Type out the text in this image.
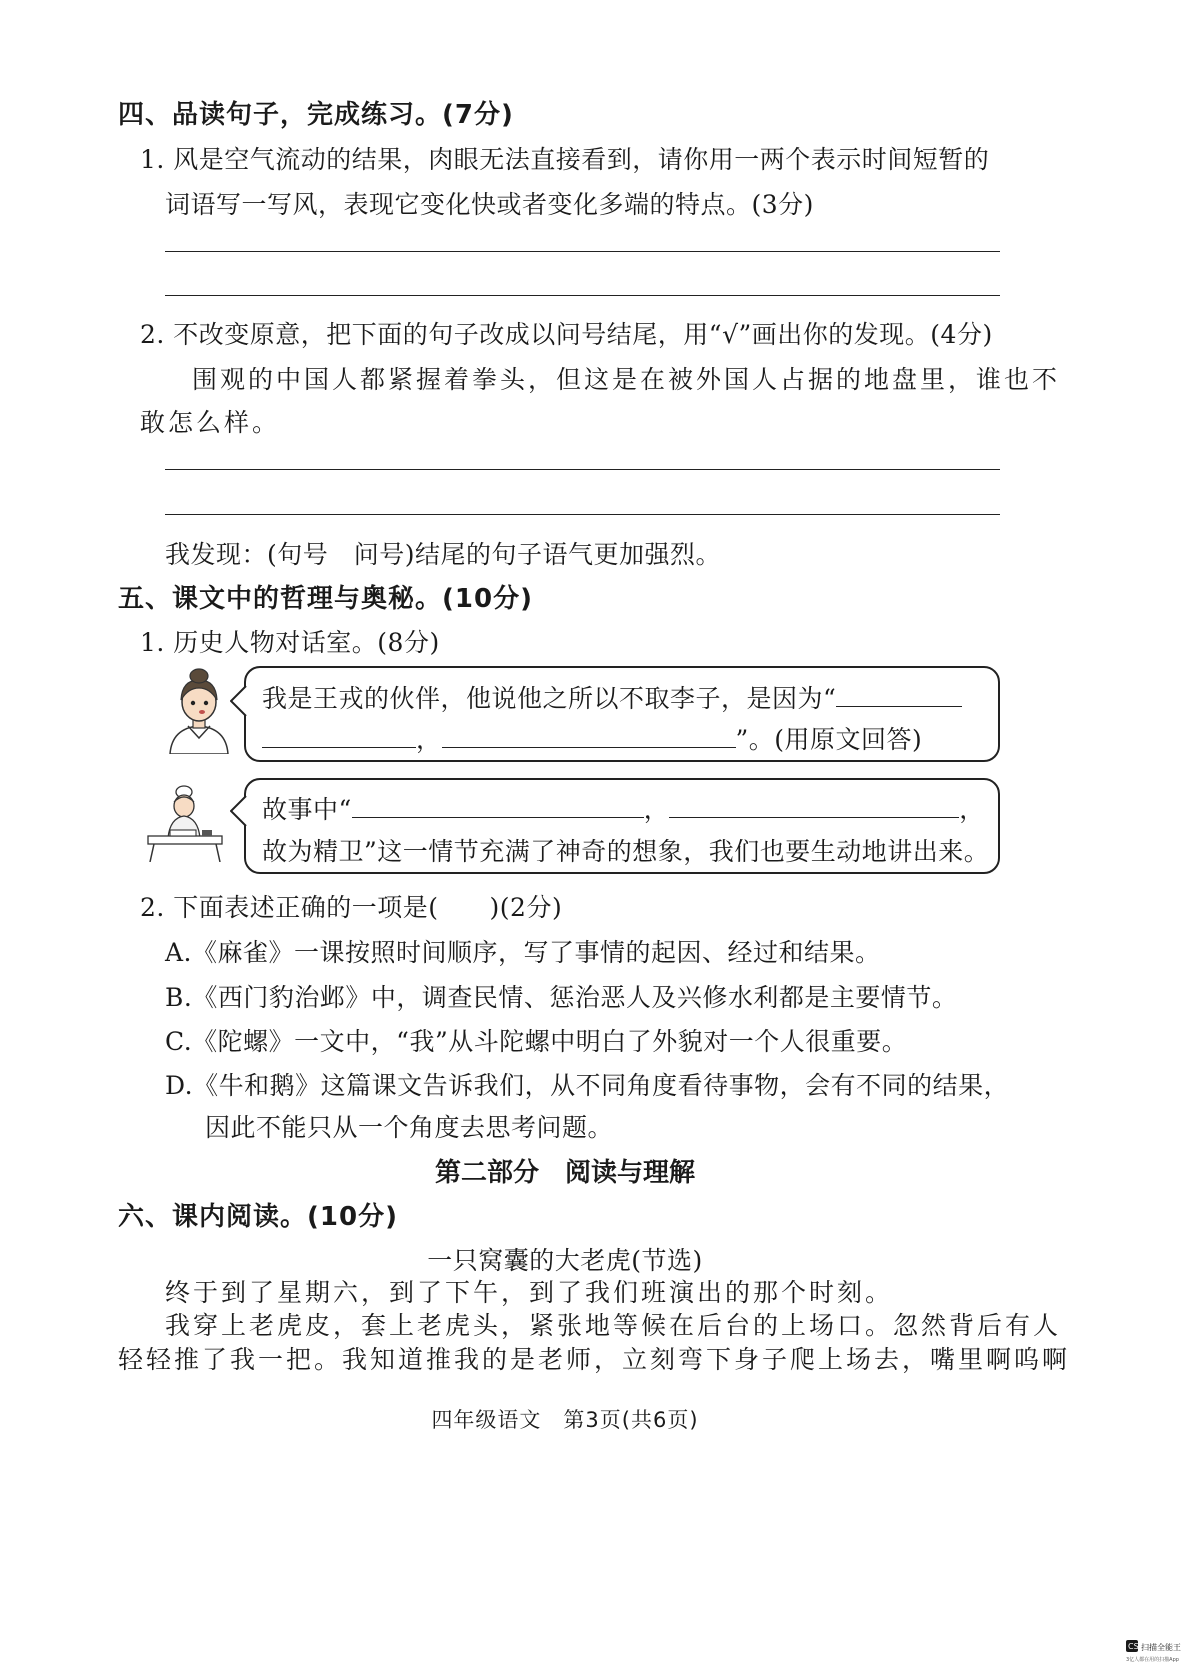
四、品读句子，完成练习。(7分)
1. 风是空气流动的结果，肉眼无法直接看到，请你用一两个表示时间短暂的
词语写一写风，表现它变化快或者变化多端的特点。(3分)
2. 不改变原意，把下面的句子改成以问号结尾，用“√”画出你的发现。(4分)
围观的中国人都紧握着拳头，但这是在被外国人占据的地盘里，谁也不
敢怎么样。
我发现：(句号　问号)结尾的句子语气更加强烈。
五、课文中的哲理与奥秘。(10分)
1. 历史人物对话室。(8分)
我是王戎的伙伴，他说他之所以不取李子，是因为“
，	”。(用原文回答)
故事中“	，	，
故为精卫”这一情节充满了神奇的想象，我们也要生动地讲出来。
2. 下面表述正确的一项是(　　)(2分)
A.《麻雀》一课按照时间顺序，写了事情的起因、经过和结果。
B.《西门豹治邺》中，调查民情、惩治恶人及兴修水利都是主要情节。
C.《陀螺》一文中，“我”从斗陀螺中明白了外貌对一个人很重要。
D.《牛和鹅》这篇课文告诉我们，从不同角度看待事物，会有不同的结果，
因此不能只从一个角度去思考问题。
第二部分　阅读与理解
六、课内阅读。(10分)
一只窝囊的大老虎(节选)
终于到了星期六，到了下午，到了我们班演出的那个时刻。
我穿上老虎皮，套上老虎头，紧张地等候在后台的上场口。忽然背后有人
轻轻推了我一把。我知道推我的是老师，立刻弯下身子爬上场去，嘴里啊呜啊
四年级语文　第3页(共6页)
CS 扫描全能王
3亿人都在用的扫描App
